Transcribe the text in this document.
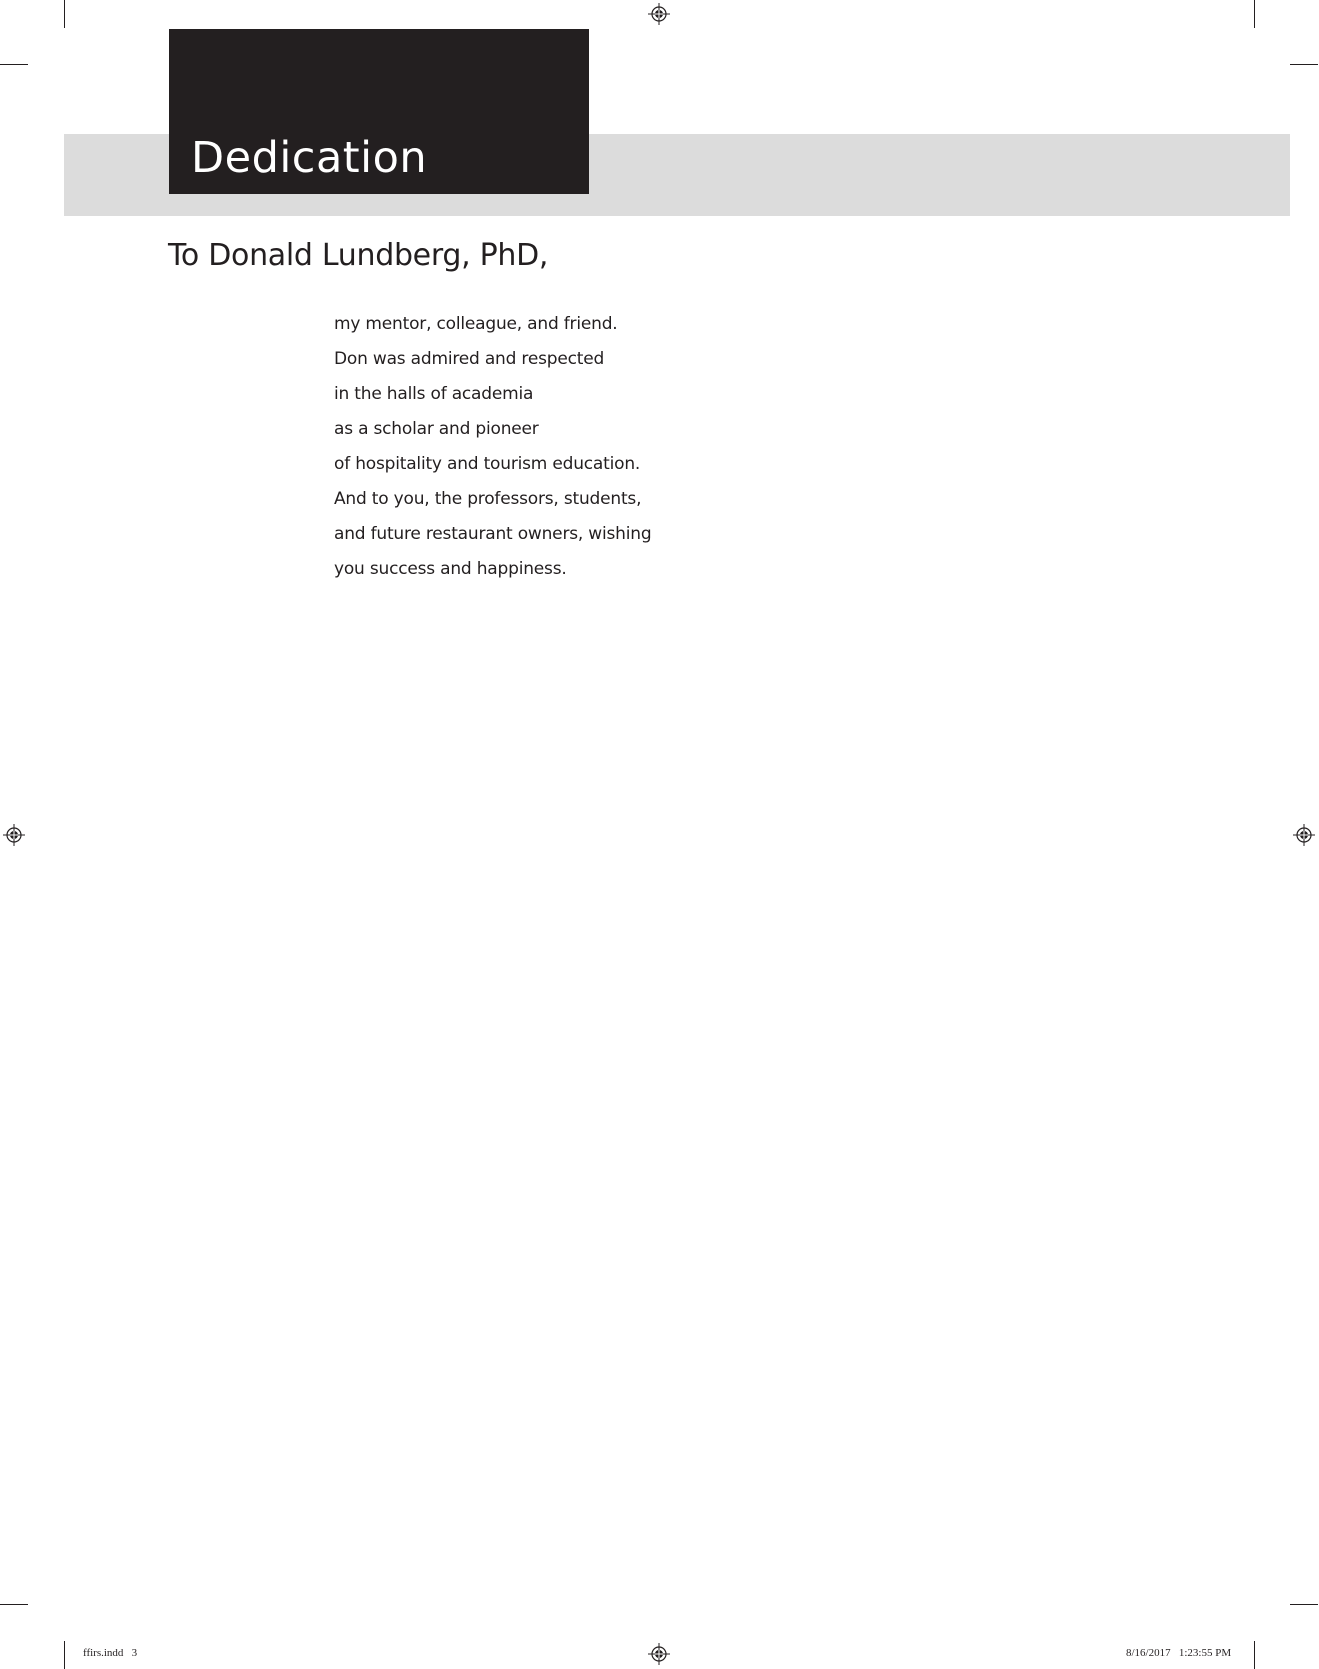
Dedication
To Donald Lundberg, PhD,
my mentor, colleague, and friend.
Don was admired and respected
in the halls of academia
as a scholar and pioneer
of hospitality and tourism education.
And to you, the professors, students,
and future restaurant owners, wishing
you success and happiness.
ffirs.indd   3	8/16/2017   1:23:55 PM
